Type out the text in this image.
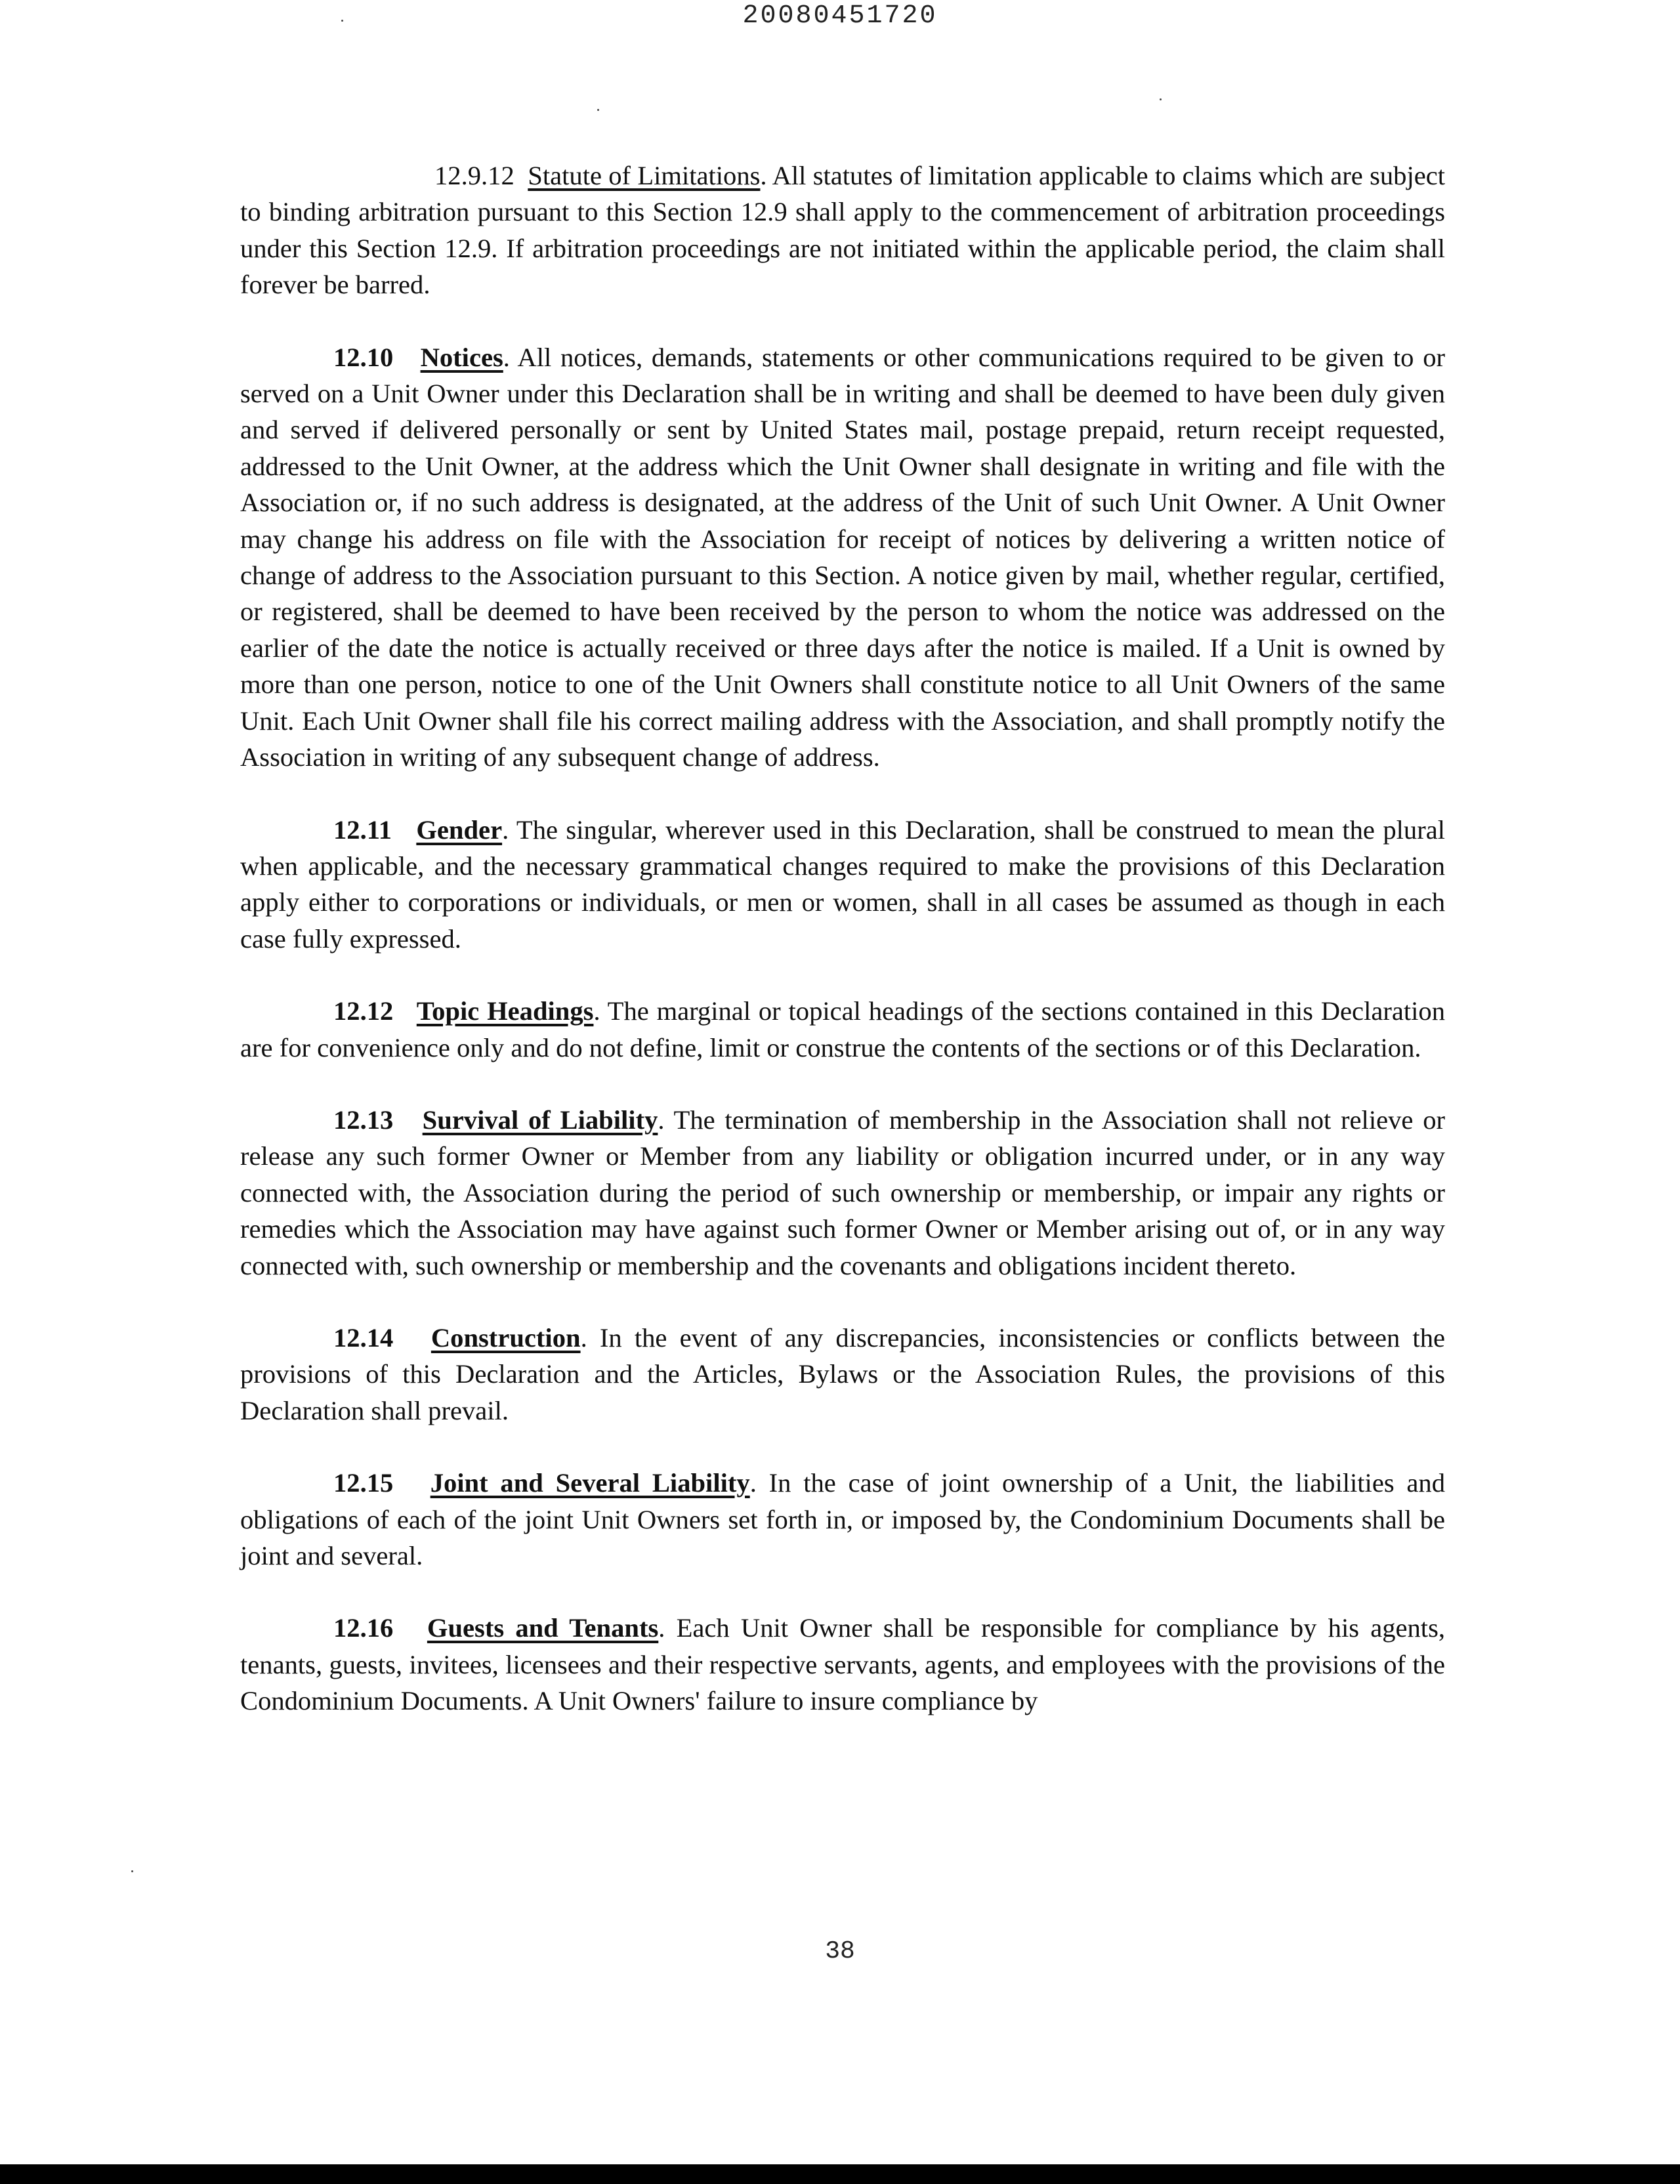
20080451720

12.9.12 Statute of Limitations. All statutes of limitation applicable to claims which are subject to binding arbitration pursuant to this Section 12.9 shall apply to the commencement of arbitration proceedings under this Section 12.9. If arbitration proceedings are not initiated within the applicable period, the claim shall forever be barred.

12.10 Notices. All notices, demands, statements or other communications required to be given to or served on a Unit Owner under this Declaration shall be in writing and shall be deemed to have been duly given and served if delivered personally or sent by United States mail, postage prepaid, return receipt requested, addressed to the Unit Owner, at the address which the Unit Owner shall designate in writing and file with the Association or, if no such address is designated, at the address of the Unit of such Unit Owner. A Unit Owner may change his address on file with the Association for receipt of notices by delivering a written notice of change of address to the Association pursuant to this Section. A notice given by mail, whether regular, certified, or registered, shall be deemed to have been received by the person to whom the notice was addressed on the earlier of the date the notice is actually received or three days after the notice is mailed. If a Unit is owned by more than one person, notice to one of the Unit Owners shall constitute notice to all Unit Owners of the same Unit. Each Unit Owner shall file his correct mailing address with the Association, and shall promptly notify the Association in writing of any subsequent change of address.

12.11 Gender. The singular, wherever used in this Declaration, shall be construed to mean the plural when applicable, and the necessary grammatical changes required to make the provisions of this Declaration apply either to corporations or individuals, or men or women, shall in all cases be assumed as though in each case fully expressed.

12.12 Topic Headings. The marginal or topical headings of the sections contained in this Declaration are for convenience only and do not define, limit or construe the contents of the sections or of this Declaration.

12.13 Survival of Liability. The termination of membership in the Association shall not relieve or release any such former Owner or Member from any liability or obligation incurred under, or in any way connected with, the Association during the period of such ownership or membership, or impair any rights or remedies which the Association may have against such former Owner or Member arising out of, or in any way connected with, such ownership or membership and the covenants and obligations incident thereto.

12.14 Construction. In the event of any discrepancies, inconsistencies or conflicts between the provisions of this Declaration and the Articles, Bylaws or the Association Rules, the provisions of this Declaration shall prevail.

12.15 Joint and Several Liability. In the case of joint ownership of a Unit, the liabilities and obligations of each of the joint Unit Owners set forth in, or imposed by, the Condominium Documents shall be joint and several.

12.16 Guests and Tenants. Each Unit Owner shall be responsible for compliance by his agents, tenants, guests, invitees, licensees and their respective servants, agents, and employees with the provisions of the Condominium Documents. A Unit Owners' failure to insure compliance by

38
